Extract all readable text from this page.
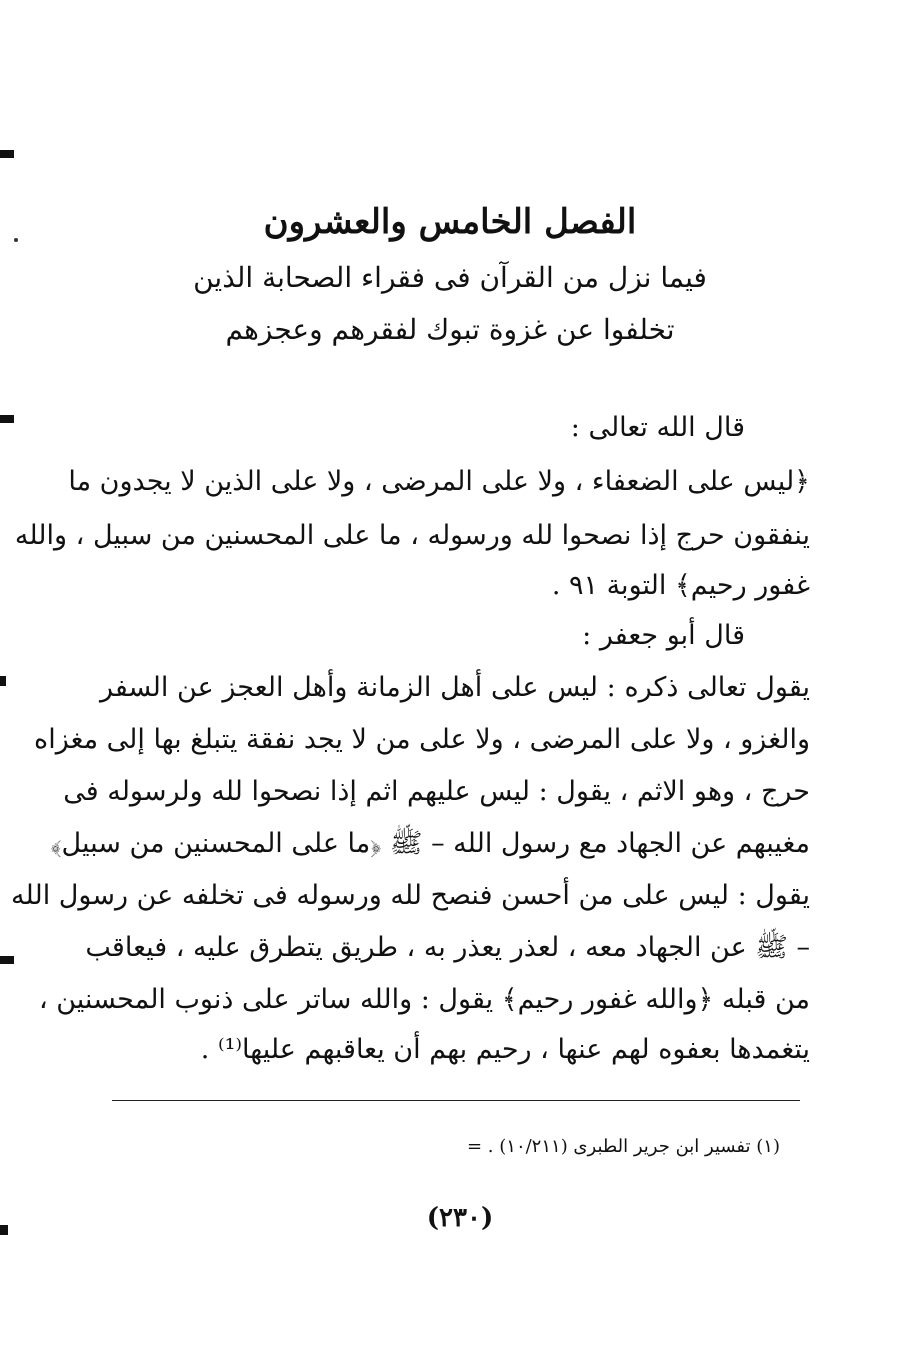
الفصل الخامس والعشرون
فيما نزل من القرآن فى فقراء الصحابة الذين
تخلفوا عن غزوة تبوك لفقرهم وعجزهم
قال الله تعالى :
﴿ليس على الضعفاء ، ولا على المرضى ، ولا على الذين لا يجدون ما
ينفقون حرج إذا نصحوا لله ورسوله ، ما على المحسنين من سبيل ، والله
غفور رحيم﴾ التوبة ٩١ .
قال أبو جعفر :
يقول تعالى ذكره : ليس على أهل الزمانة وأهل العجز عن السفر
والغزو ، ولا على المرضى ، ولا على من لا يجد نفقة يتبلغ بها إلى مغزاه
حرج ، وهو الاثم ، يقول : ليس عليهم اثم إذا نصحوا لله ولرسوله فى
مغيبهم عن الجهاد مع رسول الله – ﷺ ﴿ما على المحسنين من سبيل﴾
يقول : ليس على من أحسن فنصح لله ورسوله فى تخلفه عن رسول الله
– ﷺ عن الجهاد معه ، لعذر يعذر به ، طريق يتطرق عليه ، فيعاقب
من قبله ﴿والله غفور رحيم﴾ يقول : والله ساتر على ذنوب المحسنين ،
يتغمدها بعفوه لهم عنها ، رحيم بهم أن يعاقبهم عليها⁽¹⁾ .
(١) تفسير ابن جرير الطبرى (١٠/٢١١) . =
(٢٣٠)
